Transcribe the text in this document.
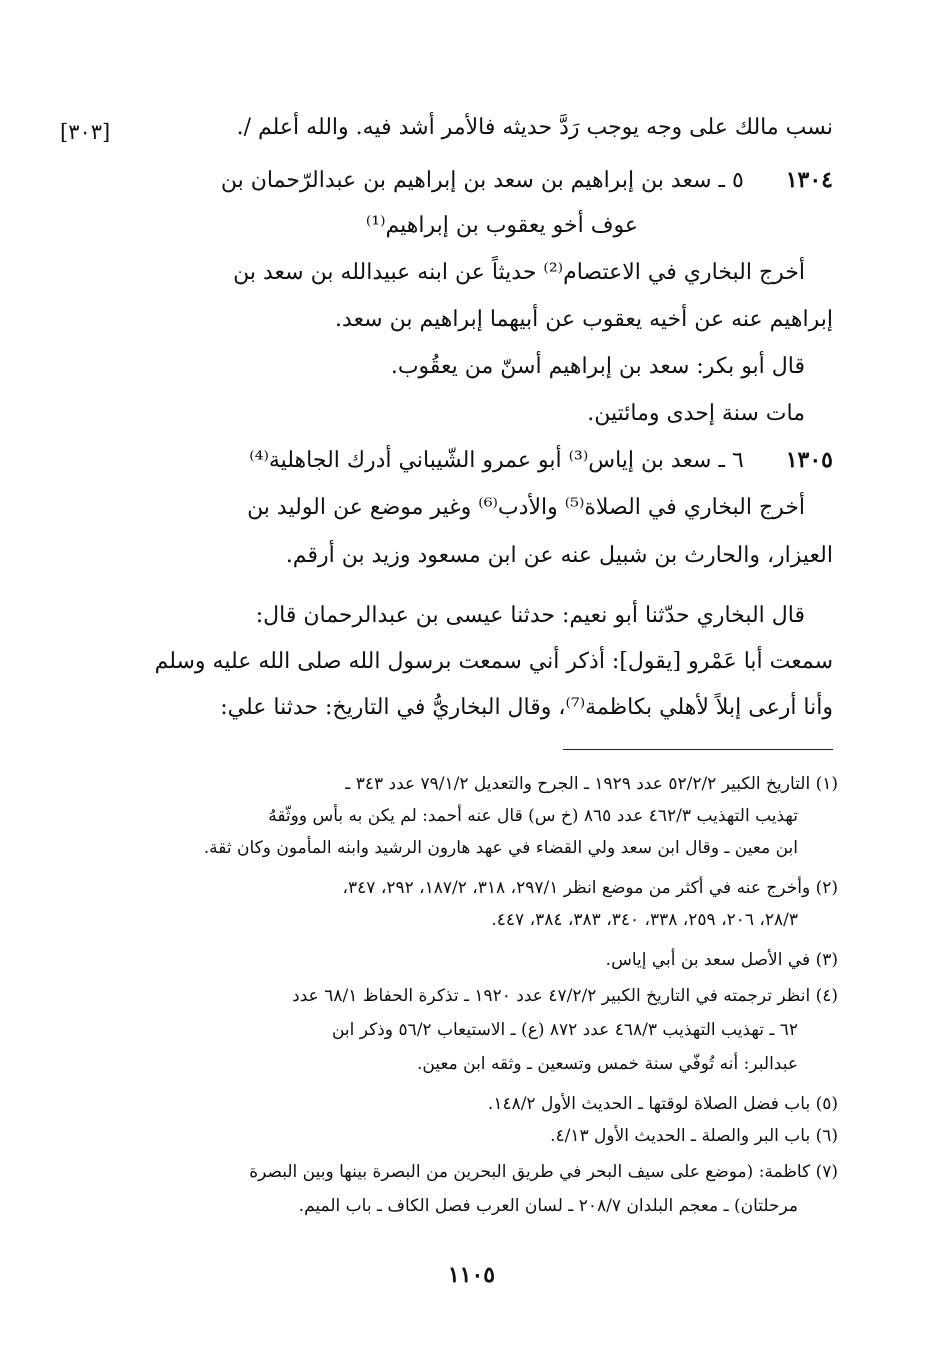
[٣٠٣]	نسب مالك على وجه يوجب رَدَّ حديثه فالأمر أشد فيه. والله أعلم /.
١٣٠٤      ٥ ـ سعد بن إبراهيم بن سعد بن إبراهيم بن عبدالرّحمان بن
عوف أخو يعقوب بن إبراهيم⁽¹⁾
أخرج البخاري في الاعتصام⁽²⁾ حديثاً عن ابنه عبيدالله بن سعد بن
إبراهيم عنه عن أخيه يعقوب عن أبيهما إبراهيم بن سعد.
قال أبو بكر: سعد بن إبراهيم أسنّ من يعقُوب.
مات سنة إحدى ومائتين.
١٣٠٥      ٦ ـ سعد بن إياس⁽³⁾ أبو عمرو الشّيباني أدرك الجاهلية⁽⁴⁾
أخرج البخاري في الصلاة⁽⁵⁾ والأدب⁽⁶⁾ وغير موضع عن الوليد بن
العيزار، والحارث بن شبيل عنه عن ابن مسعود وزيد بن أرقم.
قال البخاري حدّثنا أبو نعيم: حدثنا عيسى بن عبدالرحمان قال:
سمعت أبا عَمْرو [يقول]: أذكر أني سمعت برسول الله صلى الله عليه وسلم
وأنا أرعى إبلاً لأهلي بكاظمة⁽⁷⁾، وقال البخاريُّ في التاريخ: حدثنا علي:
(١) التاريخ الكبير ٥٢/٢/٢ عدد ١٩٢٩ ـ الجرح والتعديل ٧٩/١/٢ عدد ٣٤٣ ـ
تهذيب التهذيب ٤٦٢/٣ عدد ٨٦٥ (خ س) قال عنه أحمد: لم يكن به بأس ووثّقهُ
ابن معين ـ وقال ابن سعد ولي القضاء في عهد هارون الرشيد وابنه المأمون وكان ثقة.
(٢) وأخرج عنه في أكثر من موضع انظر ٢٩٧/١، ٣١٨، ١٨٧/٢، ٢٩٢، ٣٤٧،
٢٨/٣، ٢٠٦، ٢٥٩، ٣٣٨، ٣٤٠، ٣٨٣، ٣٨٤، ٤٤٧.
(٣) في الأصل سعد بن أبي إياس.
(٤) انظر ترجمته في التاريخ الكبير ٤٧/٢/٢ عدد ١٩٢٠ ـ تذكرة الحفاظ ٦٨/١ عدد
٦٢ ـ تهذيب التهذيب ٤٦٨/٣ عدد ٨٧٢ (ع) ـ الاستيعاب ٥٦/٢ وذكر ابن
عبدالبر: أنه تُوفّي سنة خمس وتسعين ـ وثقه ابن معين.
(٥) باب فضل الصلاة لوقتها ـ الحديث الأول ١٤٨/٢.
(٦) باب البر والصلة ـ الحديث الأول ٤/١٣.
(٧) كاظمة: (موضع على سيف البحر في طريق البحرين من البصرة بينها وبين البصرة
مرحلتان) ـ معجم البلدان ٢٠٨/٧ ـ لسان العرب فصل الكاف ـ باب الميم.
١١٠٥
